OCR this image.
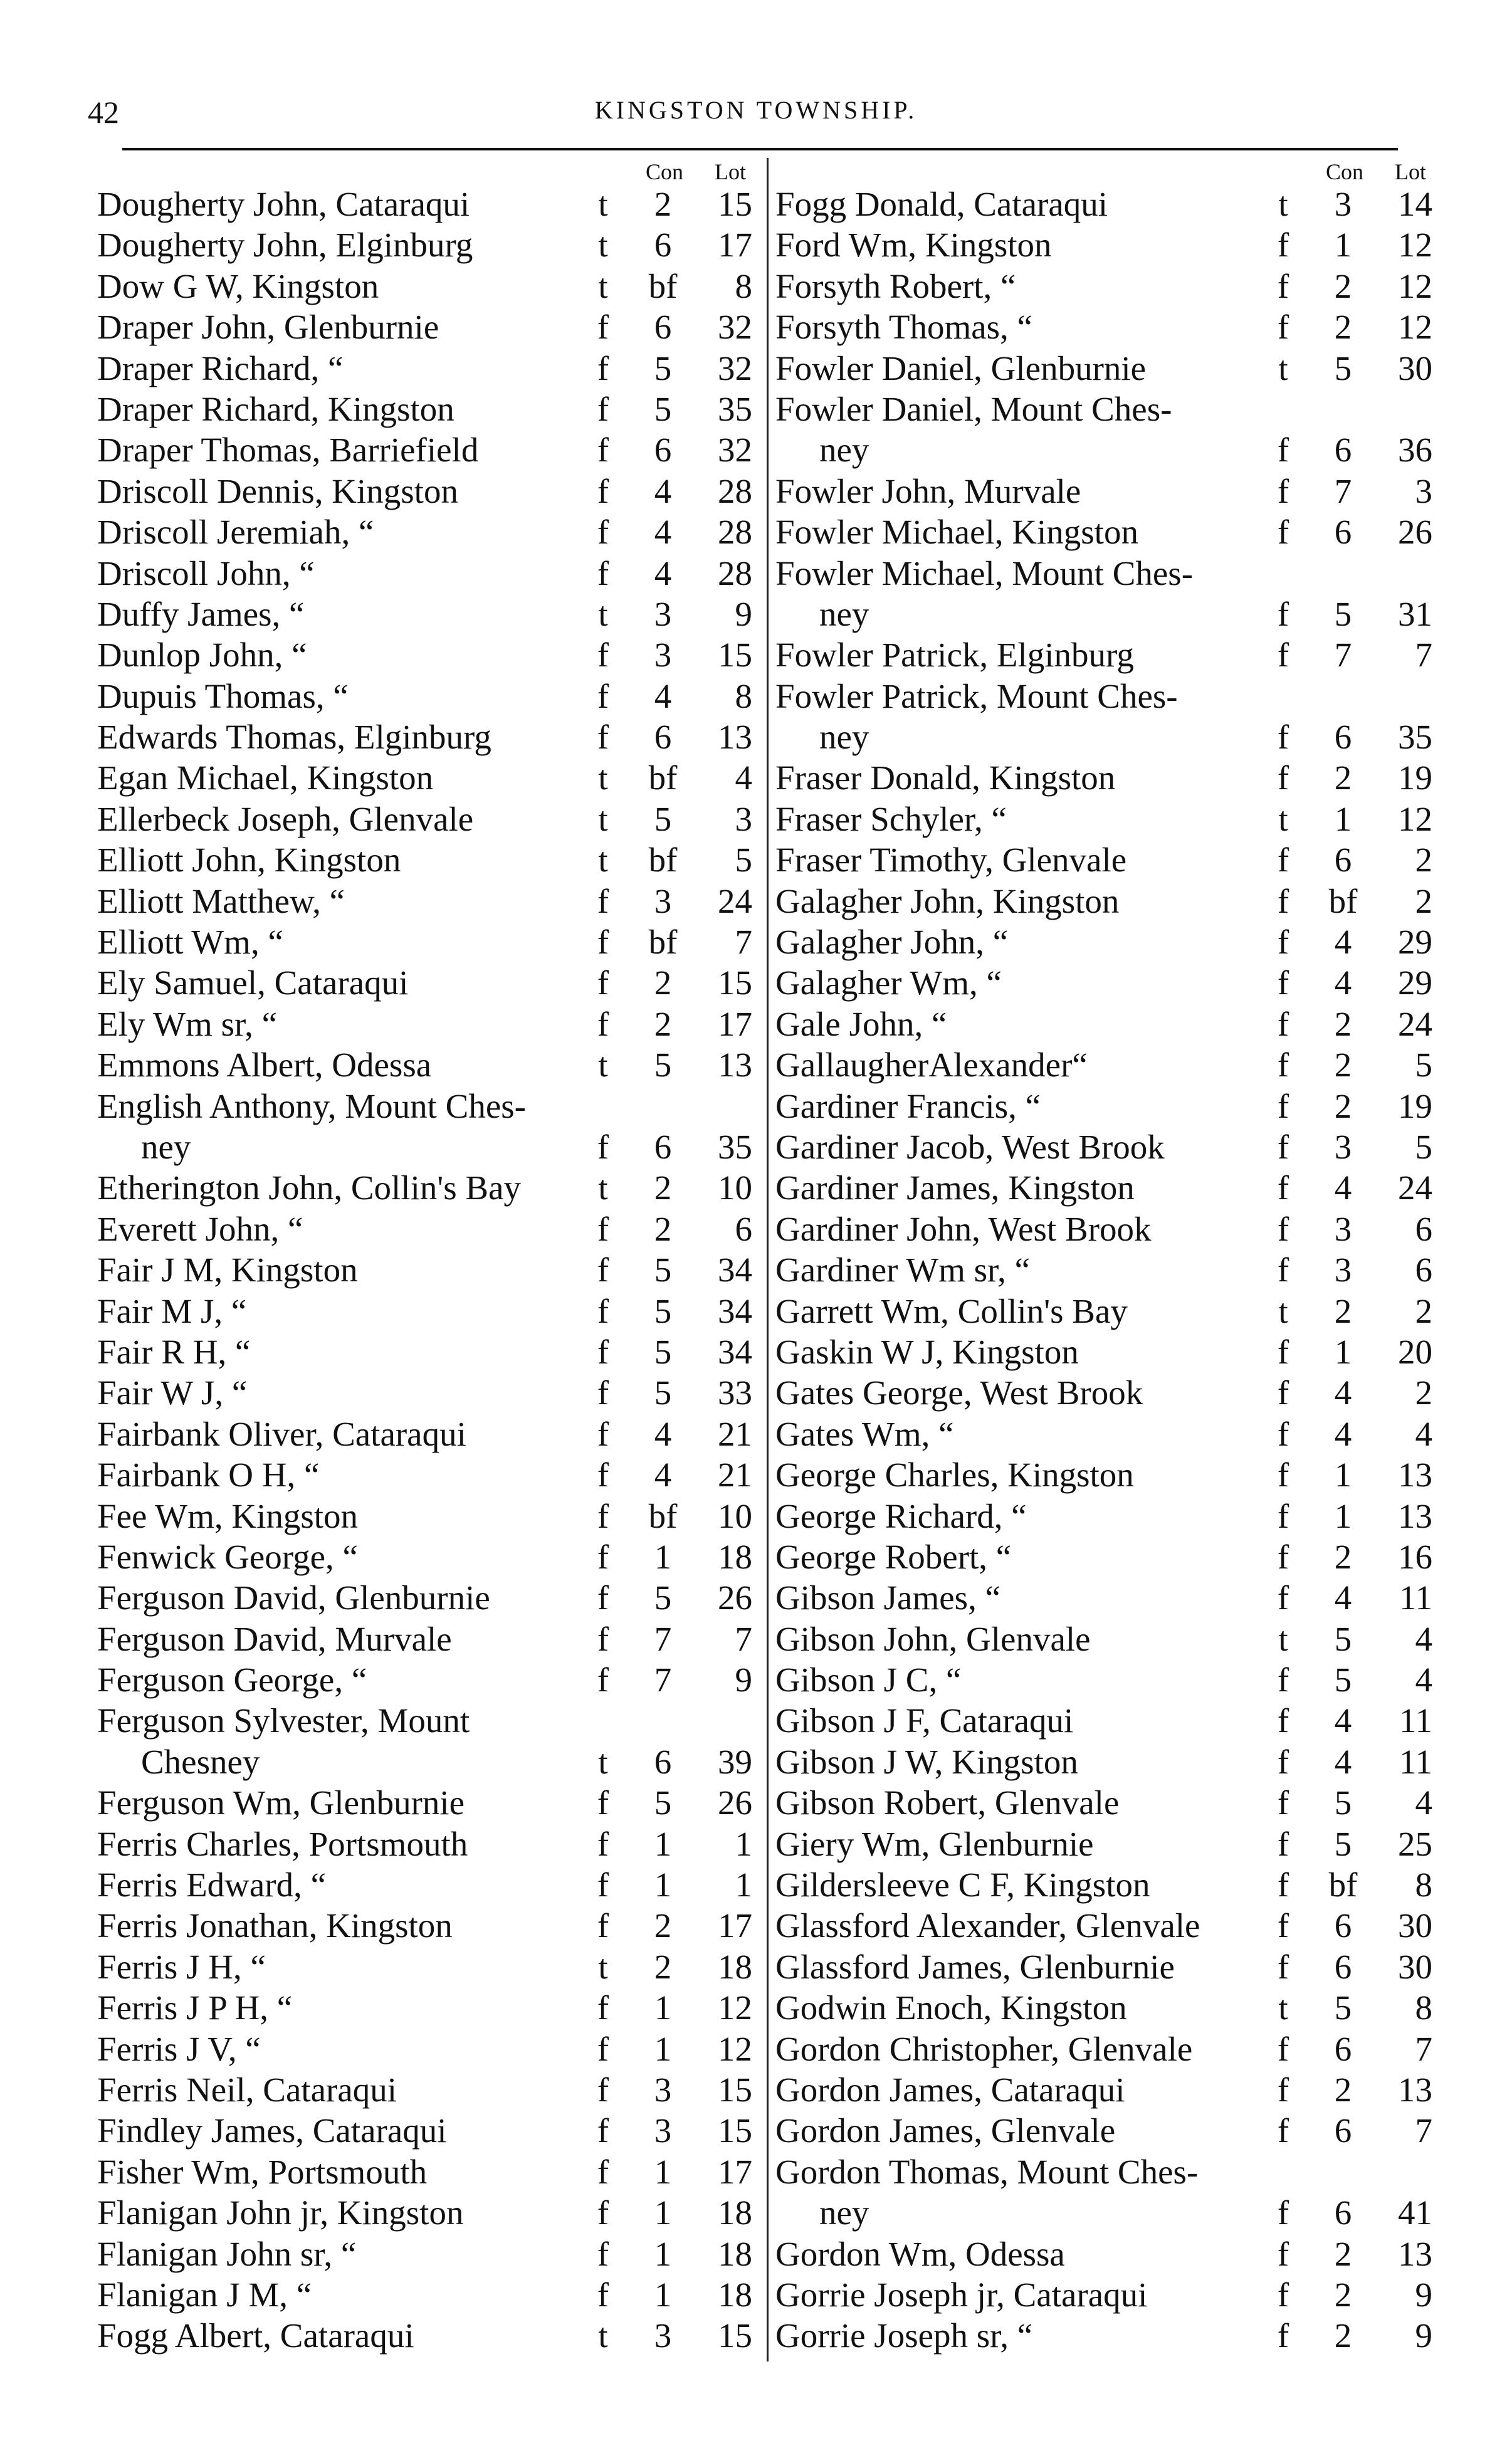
42	KINGSTON TOWNSHIP.
Con Lot
Dougherty John, Cataraqui	t	2	15
Dougherty John, Elginburg	t	6	17
Dow G W, Kingston	t	bf	8
Draper John, Glenburnie	f	6	32
Draper Richard, “	f	5	32
Draper Richard, Kingston	f	5	35
Draper Thomas, Barriefield	f	6	32
Driscoll Dennis, Kingston	f	4	28
Driscoll Jeremiah, “	f	4	28
Driscoll John, “	f	4	28
Duffy James, “	t	3	9
Dunlop John, “	f	3	15
Dupuis Thomas, “	f	4	8
Edwards Thomas, Elginburg	f	6	13
Egan Michael, Kingston	t	bf	4
Ellerbeck Joseph, Glenvale	t	5	3
Elliott John, Kingston	t	bf	5
Elliott Matthew, “	f	3	24
Elliott Wm, “	f	bf	7
Ely Samuel, Cataraqui	f	2	15
Ely Wm sr, “	f	2	17
Emmons Albert, Odessa	t	5	13
English Anthony, Mount Ches-
ney	f	6	35
Etherington John, Collin's Bay t	2	10
Everett John, “	f	2	6
Fair J M, Kingston	f	5	34
Fair M J, “	f	5	34
Fair R H, “	f	5	34
Fair W J, “	f	5	33
Fairbank Oliver, Cataraqui	f	4	21
Fairbank O H, “	f	4	21
Fee Wm, Kingston	f	bf	10
Fenwick George, “	f	1	18
Ferguson David, Glenburnie	f	5	26
Ferguson David, Murvale	f	7	7
Ferguson George, “	f	7	9
Ferguson Sylvester, Mount
Chesney	t	6	39
Ferguson Wm, Glenburnie	f	5	26
Ferris Charles, Portsmouth	f	1	1
Ferris Edward, “	f	1	1
Ferris Jonathan, Kingston	f	2	17
Ferris J H, “	t	2	18
Ferris J P H, “	f	1	12
Ferris J V, “	f	1	12
Ferris Neil, Cataraqui	f	3	15
Findley James, Cataraqui	f	3	15
Fisher Wm, Portsmouth	f	1	17
Flanigan John jr, Kingston	f	1	18
Flanigan John sr, “	f	1	18
Flanigan J M, “	f	1	18
Fogg Albert, Cataraqui	t	3	15
Con Lot
Fogg Donald, Cataraqui	t	3	14
Ford Wm, Kingston	f	1	12
Forsyth Robert, “	f	2	12
Forsyth Thomas, “	f	2	12
Fowler Daniel, Glenburnie	t	5	30
Fowler Daniel, Mount Ches-
ney	f	6	36
Fowler John, Murvale	f	7	3
Fowler Michael, Kingston	f	6	26
Fowler Michael, Mount Ches-
ney	f	5	31
Fowler Patrick, Elginburg	f	7	7
Fowler Patrick, Mount Ches-
ney	f	6	35
Fraser Donald, Kingston	f	2	19
Fraser Schyler, “	t	1	12
Fraser Timothy, Glenvale	f	6	2
Galagher John, Kingston	f	bf	2
Galagher John, “	f	4	29
Galagher Wm, “	f	4	29
Gale John, “	f	2	24
GallaugherAlexander“	f	2	5
Gardiner Francis, “	f	2	19
Gardiner Jacob, West Brook	f	3	5
Gardiner James, Kingston	f	4	24
Gardiner John, West Brook	f	3	6
Gardiner Wm sr, “	f	3	6
Garrett Wm, Collin's Bay	t	2	2
Gaskin W J, Kingston	f	1	20
Gates George, West Brook	f	4	2
Gates Wm, “	f	4	4
George Charles, Kingston	f	1	13
George Richard, “	f	1	13
George Robert, “	f	2	16
Gibson James, “	f	4	11
Gibson John, Glenvale	t	5	4
Gibson J C, “	f	5	4
Gibson J F, Cataraqui	f	4	11
Gibson J W, Kingston	f	4	11
Gibson Robert, Glenvale	f	5	4
Giery Wm, Glenburnie	f	5	25
Gildersleeve C F, Kingston	f	bf	8
Glassford Alexander, Glenvale f	6	30
Glassford James, Glenburnie	f	6	30
Godwin Enoch, Kingston	t	5	8
Gordon Christopher, Glenvale f	6	7
Gordon James, Cataraqui	f	2	13
Gordon James, Glenvale	f	6	7
Gordon Thomas, Mount Ches-
ney	f	6	41
Gordon Wm, Odessa	f	2	13
Gorrie Joseph jr, Cataraqui	f	2	9
Gorrie Joseph sr, “	f	2	9
